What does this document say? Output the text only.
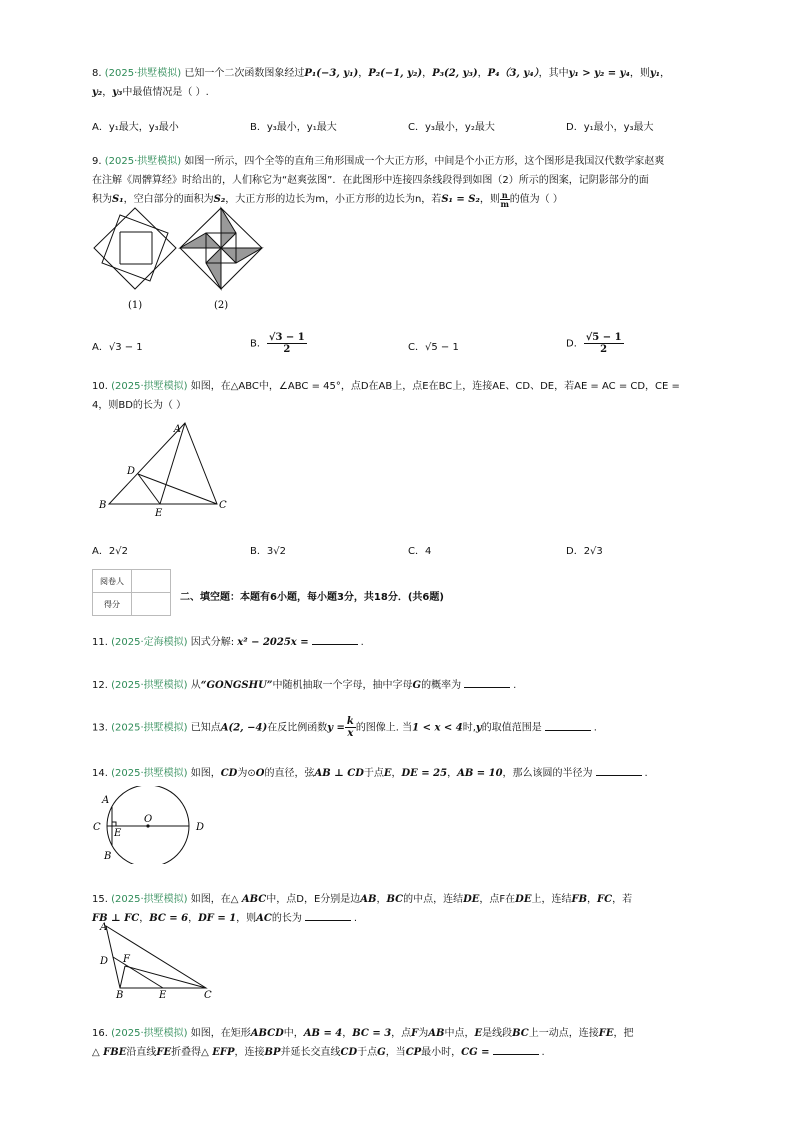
8. (2025·拱墅模拟) 已知一个二次函数图象经过P₁(−3, y₁)，P₂(−1, y₂)，P₃(2, y₃)，P₄（3, y₄），其中y₁ > y₂ = y₄，则y₁，
y₂，y₃中最值情况是（ ）.
A．y₁最大，y₃最小	B．y₃最小，y₁最大	C．y₃最小，y₂最大	D．y₁最小，y₃最大
9. (2025·拱墅模拟) 如图一所示，四个全等的直角三角形围成一个大正方形，中间是个小正方形，这个图形是我国汉代数学家赵爽
在注解《周髀算经》时给出的，人们称它为“赵爽弦图”．在此图形中连接四条线段得到如图（2）所示的图案，记阴影部分的面
积为S₁，空白部分的面积为S₂，大正方形的边长为m，小正方形的边长为n，若S₁ = S₂，则 $\frac{n}{m}$ 的值为（ ）
(1)	(2)
A．√3 − 1	B． $\frac{√3 - 1}{2}$	C．√5 − 1	D． $\frac{√5 - 1}{2}$
10. (2025·拱墅模拟) 如图，在△ABC中，∠ABC = 45°，点D在AB上，点E在BC上，连接AE、CD、DE，若AE = AC = CD，CE =
4，则BD的长为（ ）
A
B	C
D
E
A．2√2	B．3√2	C．4	D．2√3
阅卷人	
得分	
二、填空题：本题有6小题，每小题3分，共18分．(共6题)
11. (2025·定海模拟) 因式分解: x² − 2025x =	.
12. (2025·拱墅模拟) 从“GONGSHU”中随机抽取一个字母，抽中字母G的概率为	.
13. (2025·拱墅模拟) 已知点A(2, −4)在反比例函数$y = \frac{k}{x}$ 的图像上. 当1 < x < 4时,y的取值范围是	.
14. (2025·拱墅模拟) 如图，CD为⊙O的直径，弦AB ⊥ CD于点E，DE = 25，AB = 10，那么该圆的半径为	.
A
B
C	D
E
O
15. (2025·拱墅模拟) 如图，在△ ABC中，点D，E分别是边AB，BC的中点，连结DE，点F在DE上，连结FB，FC，若
FB ⊥ FC，BC = 6，DF = 1，则AC的长为	.
A
B	C
D
E
F
16. (2025·拱墅模拟) 如图，在矩形ABCD中，AB = 4，BC = 3，点F为AB中点，E是线段BC上一动点，连接FE，把
△ FBE沿直线FE折叠得△ EFP，连接BP并延长交直线CD于点G，当CP最小时，CG =	.
